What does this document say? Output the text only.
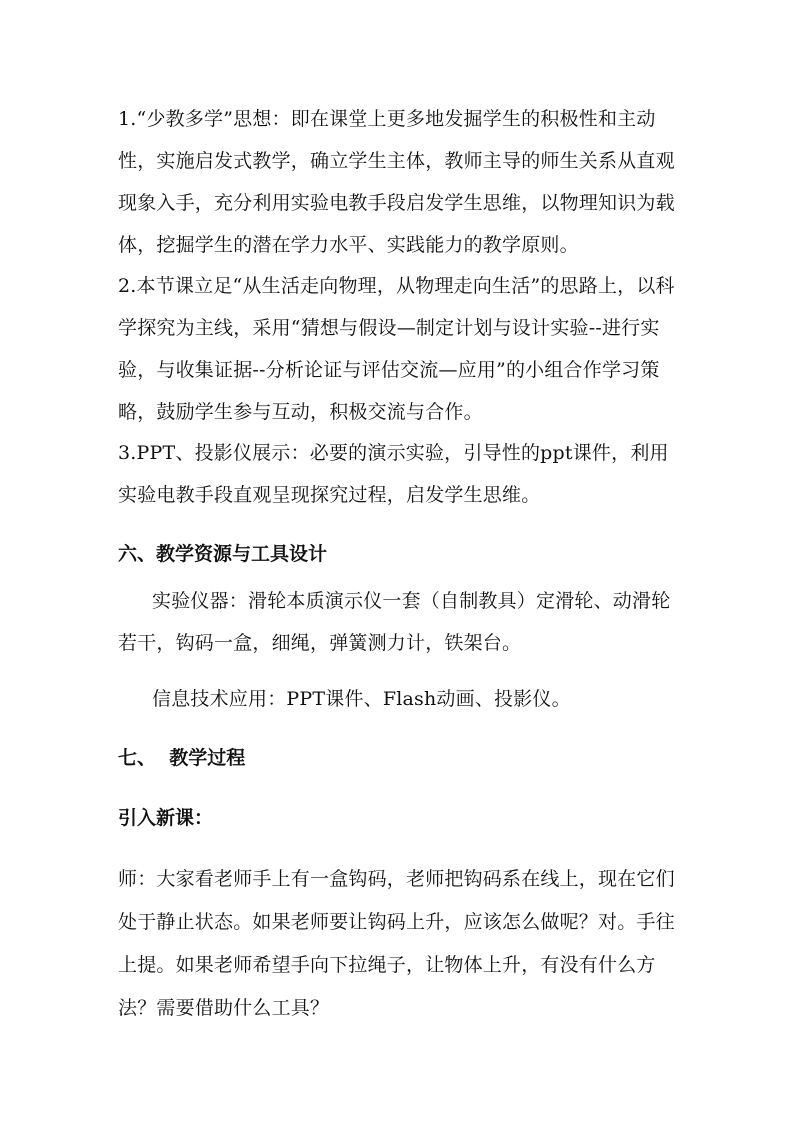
1.“少教多学”思想：即在课堂上更多地发掘学生的积极性和主动性，实施启发式教学，确立学生主体，教师主导的师生关系从直观现象入手，充分利用实验电教手段启发学生思维，以物理知识为载体，挖掘学生的潜在学力水平、实践能力的教学原则。

2.本节课立足“从生活走向物理，从物理走向生活”的思路上，以科学探究为主线，采用“猜想与假设—制定计划与设计实验--进行实验，与收集证据--分析论证与评估交流—应用”的小组合作学习策略，鼓励学生参与互动，积极交流与合作。

3.PPT、投影仪展示：必要的演示实验，引导性的ppt课件，利用实验电教手段直观呈现探究过程，启发学生思维。

六、教学资源与工具设计

实验仪器：滑轮本质演示仪一套（自制教具）定滑轮、动滑轮若干，钩码一盒，细绳，弹簧测力计，铁架台。

信息技术应用：PPT课件、Flash动画、投影仪。

七、  教学过程
引入新课：

师：大家看老师手上有一盒钩码，老师把钩码系在线上，现在它们处于静止状态。如果老师要让钩码上升，应该怎么做呢？对。手往上提。如果老师希望手向下拉绳子，让物体上升，有没有什么方法？需要借助什么工具？
